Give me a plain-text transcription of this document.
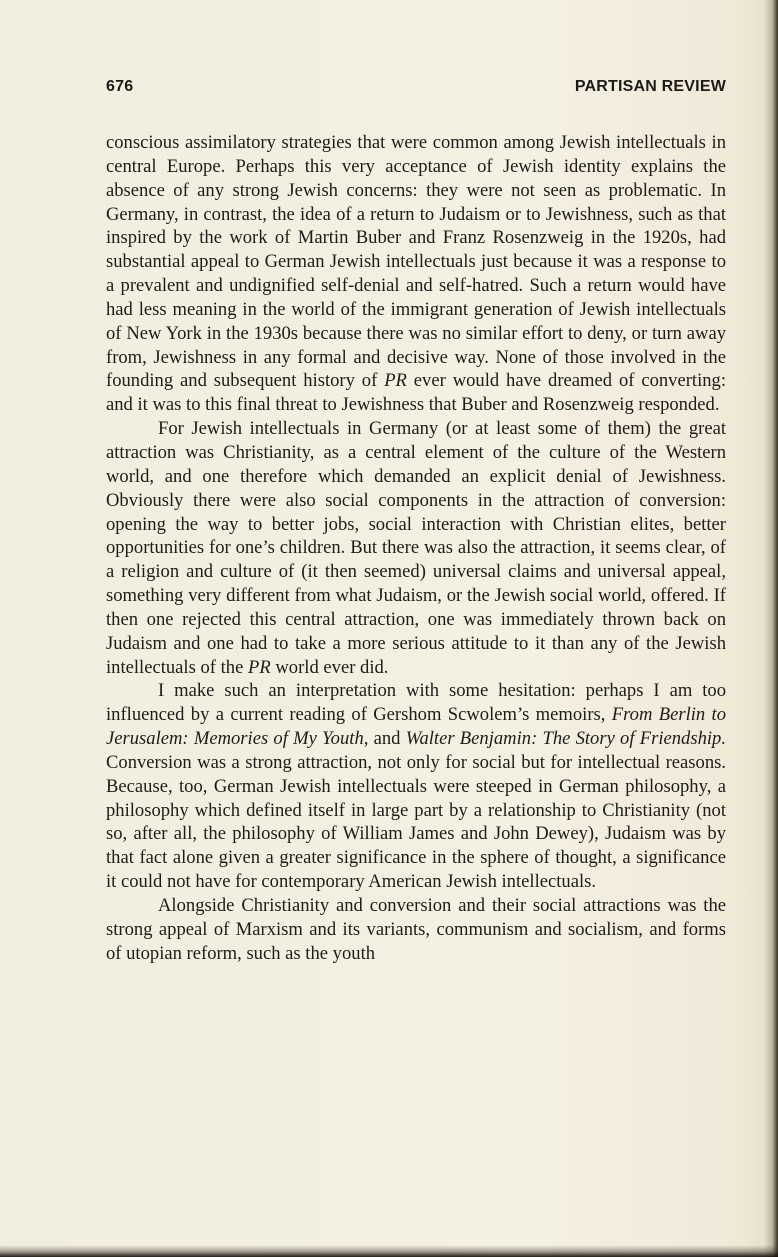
676	PARTISAN REVIEW

conscious assimilatory strategies that were common among Jewish intellectuals in central Europe. Perhaps this very acceptance of Jewish identity explains the absence of any strong Jewish concerns: they were not seen as problematic. In Germany, in contrast, the idea of a return to Judaism or to Jewishness, such as that inspired by the work of Martin Buber and Franz Rosenzweig in the 1920s, had substantial appeal to German Jewish intellectuals just because it was a response to a prevalent and undignified self-denial and self-hatred. Such a return would have had less meaning in the world of the immigrant generation of Jewish intellectuals of New York in the 1930s because there was no similar effort to deny, or turn away from, Jewishness in any formal and decisive way. None of those involved in the founding and subsequent history of PR ever would have dreamed of converting: and it was to this final threat to Jewishness that Buber and Rosenzweig responded.

For Jewish intellectuals in Germany (or at least some of them) the great attraction was Christianity, as a central element of the culture of the Western world, and one therefore which demanded an explicit denial of Jewishness. Obviously there were also social components in the attraction of conversion: opening the way to better jobs, social interaction with Christian elites, better opportunities for one’s children. But there was also the attraction, it seems clear, of a religion and culture of (it then seemed) universal claims and universal appeal, something very different from what Judaism, or the Jewish social world, offered. If then one rejected this central attraction, one was immediately thrown back on Judaism and one had to take a more serious attitude to it than any of the Jewish intellectuals of the PR world ever did.

I make such an interpretation with some hesitation: perhaps I am too influenced by a current reading of Gershom Scwolem’s memoirs, From Berlin to Jerusalem: Memories of My Youth, and Walter Benjamin: The Story of Friendship. Conversion was a strong attraction, not only for social but for intellectual reasons. Because, too, German Jewish intellectuals were steeped in German philosophy, a philosophy which defined itself in large part by a relationship to Christianity (not so, after all, the philosophy of William James and John Dewey), Judaism was by that fact alone given a greater significance in the sphere of thought, a significance it could not have for contemporary American Jewish intellectuals.

Alongside Christianity and conversion and their social attractions was the strong appeal of Marxism and its variants, communism and socialism, and forms of utopian reform, such as the youth
